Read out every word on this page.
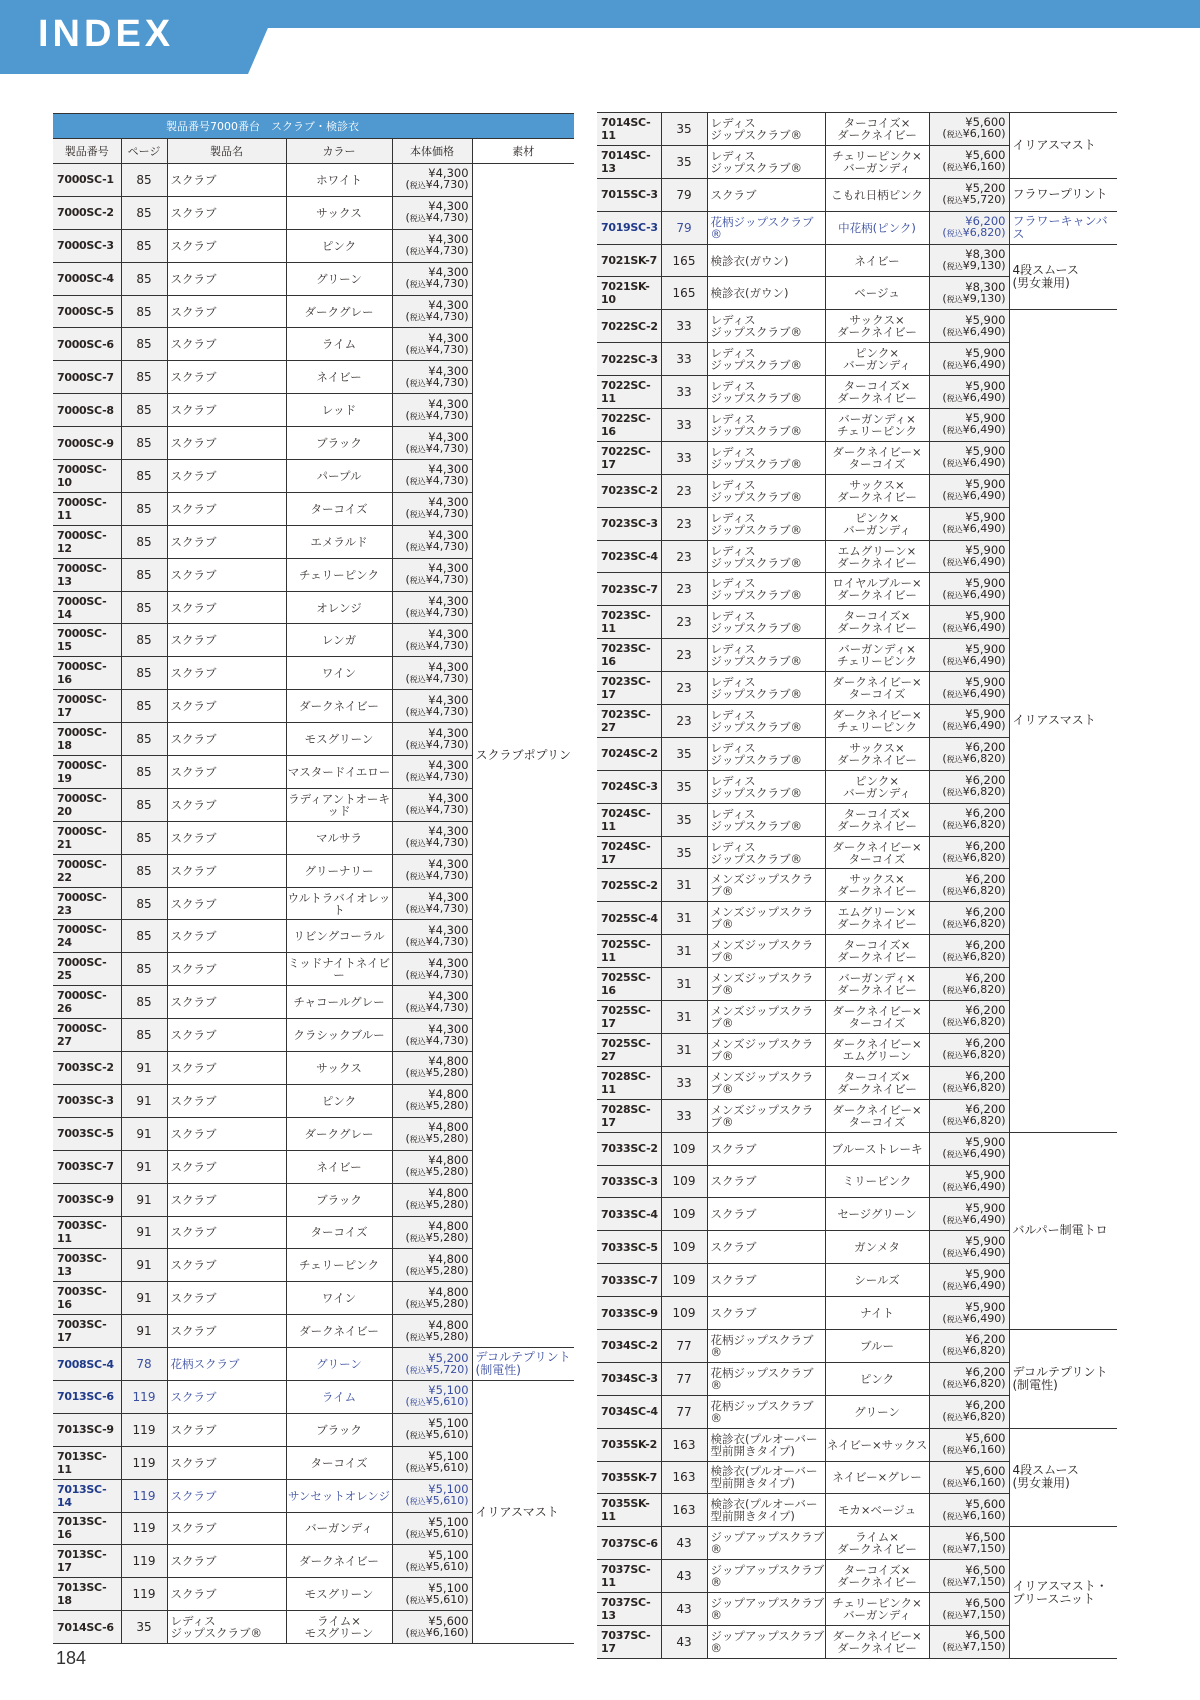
INDEX
製品番号7000番台　スクラブ・検診衣					
製品番号	ページ	製品名	カラー	本体価格	素材
7000SC-1	85	スクラブ	ホワイト	¥4,300
(税込¥4,730)	スクラブポプリン
7000SC-2	85	スクラブ	サックス	¥4,300
(税込¥4,730)	

7000SC-3	85	スクラブ	ピンク	¥4,300
(税込¥4,730)	

7000SC-4	85	スクラブ	グリーン	¥4,300
(税込¥4,730)	

7000SC-5	85	スクラブ	ダークグレー	¥4,300
(税込¥4,730)	

7000SC-6	85	スクラブ	ライム	¥4,300
(税込¥4,730)	

7000SC-7	85	スクラブ	ネイビー	¥4,300
(税込¥4,730)	

7000SC-8	85	スクラブ	レッド	¥4,300
(税込¥4,730)	

7000SC-9	85	スクラブ	ブラック	¥4,300
(税込¥4,730)	

7000SC-10	85	スクラブ	パープル	¥4,300
(税込¥4,730)	

7000SC-11	85	スクラブ	ターコイズ	¥4,300
(税込¥4,730)	

7000SC-12	85	スクラブ	エメラルド	¥4,300
(税込¥4,730)	

7000SC-13	85	スクラブ	チェリーピンク	¥4,300
(税込¥4,730)	

7000SC-14	85	スクラブ	オレンジ	¥4,300
(税込¥4,730)	

7000SC-15	85	スクラブ	レンガ	¥4,300
(税込¥4,730)	

7000SC-16	85	スクラブ	ワイン	¥4,300
(税込¥4,730)	

7000SC-17	85	スクラブ	ダークネイビー	¥4,300
(税込¥4,730)	

7000SC-18	85	スクラブ	モスグリーン	¥4,300
(税込¥4,730)	

7000SC-19	85	スクラブ	マスタードイエロー	¥4,300
(税込¥4,730)	

7000SC-20	85	スクラブ	ラディアントオーキッド	¥4,300
(税込¥4,730)	

7000SC-21	85	スクラブ	マルサラ	¥4,300
(税込¥4,730)	

7000SC-22	85	スクラブ	グリーナリー	¥4,300
(税込¥4,730)	

7000SC-23	85	スクラブ	ウルトラバイオレット	¥4,300
(税込¥4,730)	

7000SC-24	85	スクラブ	リビングコーラル	¥4,300
(税込¥4,730)	

7000SC-25	85	スクラブ	ミッドナイトネイビー	¥4,300
(税込¥4,730)	

7000SC-26	85	スクラブ	チャコールグレー	¥4,300
(税込¥4,730)	

7000SC-27	85	スクラブ	クラシックブルー	¥4,300
(税込¥4,730)	

7003SC-2	91	スクラブ	サックス	¥4,800
(税込¥5,280)	

7003SC-3	91	スクラブ	ピンク	¥4,800
(税込¥5,280)	

7003SC-5	91	スクラブ	ダークグレー	¥4,800
(税込¥5,280)	

7003SC-7	91	スクラブ	ネイビー	¥4,800
(税込¥5,280)	

7003SC-9	91	スクラブ	ブラック	¥4,800
(税込¥5,280)	

7003SC-11	91	スクラブ	ターコイズ	¥4,800
(税込¥5,280)	

7003SC-13	91	スクラブ	チェリーピンク	¥4,800
(税込¥5,280)	

7003SC-16	91	スクラブ	ワイン	¥4,800
(税込¥5,280)	

7003SC-17	91	スクラブ	ダークネイビー	¥4,800
(税込¥5,280)	

7008SC-4	78	花柄スクラブ	グリーン	¥5,200
(税込¥5,720)	デコルテプリント
(制電性)
7013SC-6	119	スクラブ	ライム	¥5,100
(税込¥5,610)	イリアスマスト
7013SC-9	119	スクラブ	ブラック	¥5,100
(税込¥5,610)	

7013SC-11	119	スクラブ	ターコイズ	¥5,100
(税込¥5,610)	

7013SC-14	119	スクラブ	サンセットオレンジ	¥5,100
(税込¥5,610)	

7013SC-16	119	スクラブ	バーガンディ	¥5,100
(税込¥5,610)	

7013SC-17	119	スクラブ	ダークネイビー	¥5,100
(税込¥5,610)	

7013SC-18	119	スクラブ	モスグリーン	¥5,100
(税込¥5,610)	

7014SC-6	35	レディス
ジップスクラブ®	ライム×
モスグリーン	¥5,600
(税込¥6,160)	
7014SC-11	35	レディス
ジップスクラブ®	ターコイズ×
ダークネイビー	¥5,600
(税込¥6,160)	イリアスマスト
7014SC-13	35	レディス
ジップスクラブ®	チェリーピンク×
バーガンディ	¥5,600
(税込¥6,160)	

7015SC-3	79	スクラブ	こもれ日柄ピンク	¥5,200
(税込¥5,720)	フラワープリント
7019SC-3	79	花柄ジップスクラブ®	中花柄(ピンク)	¥6,200
(税込¥6,820)	フラワーキャンバス
7021SK-7	165	検診衣(ガウン)	ネイビー	¥8,300
(税込¥9,130)	4段スムース
(男女兼用)
7021SK-10	165	検診衣(ガウン)	ベージュ	¥8,300
(税込¥9,130)	

7022SC-2	33	レディス
ジップスクラブ®	サックス×
ダークネイビー	¥5,900
(税込¥6,490)	イリアスマスト
7022SC-3	33	レディス
ジップスクラブ®	ピンク×
バーガンディ	¥5,900
(税込¥6,490)	

7022SC-11	33	レディス
ジップスクラブ®	ターコイズ×
ダークネイビー	¥5,900
(税込¥6,490)	

7022SC-16	33	レディス
ジップスクラブ®	バーガンディ×
チェリーピンク	¥5,900
(税込¥6,490)	

7022SC-17	33	レディス
ジップスクラブ®	ダークネイビー×
ターコイズ	¥5,900
(税込¥6,490)	

7023SC-2	23	レディス
ジップスクラブ®	サックス×
ダークネイビー	¥5,900
(税込¥6,490)	

7023SC-3	23	レディス
ジップスクラブ®	ピンク×
バーガンディ	¥5,900
(税込¥6,490)	

7023SC-4	23	レディス
ジップスクラブ®	エムグリーン×
ダークネイビー	¥5,900
(税込¥6,490)	

7023SC-7	23	レディス
ジップスクラブ®	ロイヤルブルー×
ダークネイビー	¥5,900
(税込¥6,490)	

7023SC-11	23	レディス
ジップスクラブ®	ターコイズ×
ダークネイビー	¥5,900
(税込¥6,490)	

7023SC-16	23	レディス
ジップスクラブ®	バーガンディ×
チェリーピンク	¥5,900
(税込¥6,490)	

7023SC-17	23	レディス
ジップスクラブ®	ダークネイビー×
ターコイズ	¥5,900
(税込¥6,490)	

7023SC-27	23	レディス
ジップスクラブ®	ダークネイビー×
チェリーピンク	¥5,900
(税込¥6,490)	

7024SC-2	35	レディス
ジップスクラブ®	サックス×
ダークネイビー	¥6,200
(税込¥6,820)	

7024SC-3	35	レディス
ジップスクラブ®	ピンク×
バーガンディ	¥6,200
(税込¥6,820)	

7024SC-11	35	レディス
ジップスクラブ®	ターコイズ×
ダークネイビー	¥6,200
(税込¥6,820)	

7024SC-17	35	レディス
ジップスクラブ®	ダークネイビー×
ターコイズ	¥6,200
(税込¥6,820)	

7025SC-2	31	メンズジップスクラブ®	サックス×
ダークネイビー	¥6,200
(税込¥6,820)	

7025SC-4	31	メンズジップスクラブ®	エムグリーン×
ダークネイビー	¥6,200
(税込¥6,820)	

7025SC-11	31	メンズジップスクラブ®	ターコイズ×
ダークネイビー	¥6,200
(税込¥6,820)	

7025SC-16	31	メンズジップスクラブ®	バーガンディ×
ダークネイビー	¥6,200
(税込¥6,820)	

7025SC-17	31	メンズジップスクラブ®	ダークネイビー×
ターコイズ	¥6,200
(税込¥6,820)	

7025SC-27	31	メンズジップスクラブ®	ダークネイビー×
エムグリーン	¥6,200
(税込¥6,820)	

7028SC-11	33	メンズジップスクラブ®	ターコイズ×
ダークネイビー	¥6,200
(税込¥6,820)	

7028SC-17	33	メンズジップスクラブ®	ダークネイビー×
ターコイズ	¥6,200
(税込¥6,820)	

7033SC-2	109	スクラブ	ブルーストレーキ	¥5,900
(税込¥6,490)	バルパー制電トロ
7033SC-3	109	スクラブ	ミリーピンク	¥5,900
(税込¥6,490)	

7033SC-4	109	スクラブ	セージグリーン	¥5,900
(税込¥6,490)	

7033SC-5	109	スクラブ	ガンメタ	¥5,900
(税込¥6,490)	

7033SC-7	109	スクラブ	シールズ	¥5,900
(税込¥6,490)	

7033SC-9	109	スクラブ	ナイト	¥5,900
(税込¥6,490)	

7034SC-2	77	花柄ジップスクラブ®	ブルー	¥6,200
(税込¥6,820)	デコルテプリント
(制電性)
7034SC-3	77	花柄ジップスクラブ®	ピンク	¥6,200
(税込¥6,820)	

7034SC-4	77	花柄ジップスクラブ®	グリーン	¥6,200
(税込¥6,820)	

7035SK-2	163	検診衣(プルオーバー
型前開きタイプ)	ネイビー×サックス	¥5,600
(税込¥6,160)	4段スムース
(男女兼用)
7035SK-7	163	検診衣(プルオーバー
型前開きタイプ)	ネイビー×グレー	¥5,600
(税込¥6,160)	

7035SK-11	163	検診衣(プルオーバー
型前開きタイプ)	モカ×ベージュ	¥5,600
(税込¥6,160)	

7037SC-6	43	ジップアップスクラブ®	ライム×
ダークネイビー	¥6,500
(税込¥7,150)	イリアスマスト・
ブリースニット
7037SC-11	43	ジップアップスクラブ®	ターコイズ×
ダークネイビー	¥6,500
(税込¥7,150)	

7037SC-13	43	ジップアップスクラブ®	チェリーピンク×
バーガンディ	¥6,500
(税込¥7,150)	

7037SC-17	43	ジップアップスクラブ®	ダークネイビー×
ダークネイビー	¥6,500
(税込¥7,150)	
184
